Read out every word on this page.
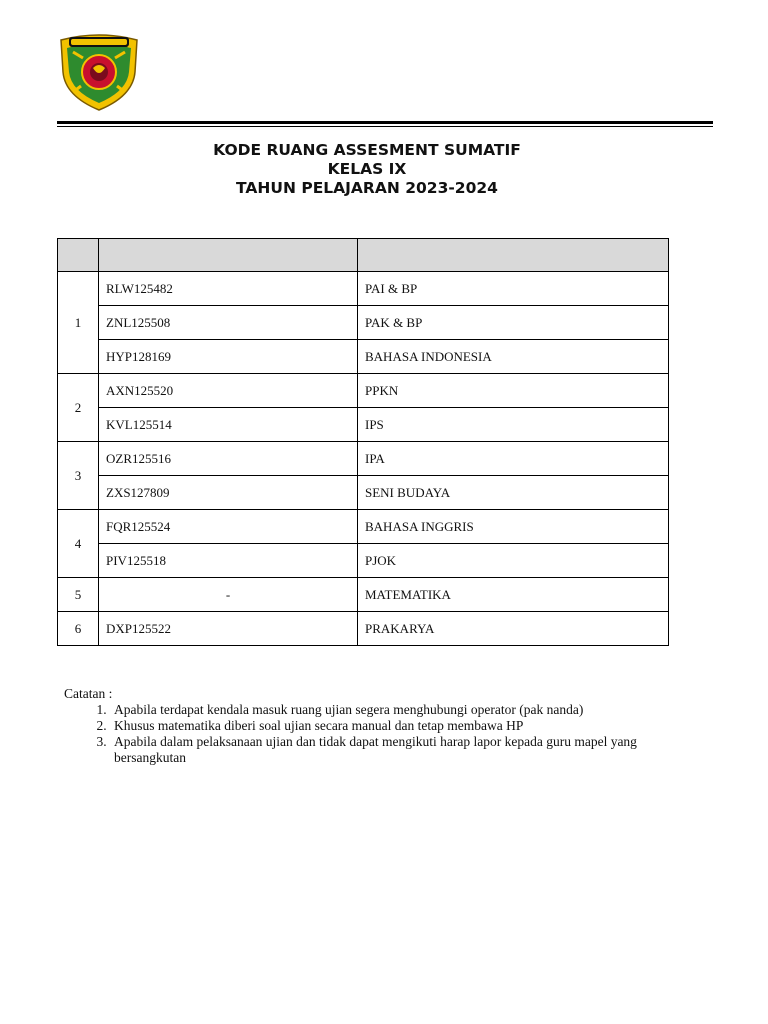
KODE RUANG ASSESMENT SUMATIF
KELAS IX
TAHUN PELAJARAN 2023-2024

1	RLW125482	PAI & BP
	ZNL125508	PAK & BP
	HYP128169	BAHASA INDONESIA
2	AXN125520	PPKN
	KVL125514	IPS
3	OZR125516	IPA
	ZXS127809	SENI BUDAYA
4	FQR125524	BAHASA INGGRIS
	PIV125518	PJOK
5	-	MATEMATIKA
6	DXP125522	PRAKARYA
Catatan :
1. Apabila terdapat kendala masuk ruang ujian segera menghubungi operator (pak nanda)
2. Khusus matematika diberi soal ujian secara manual dan tetap membawa HP
3. Apabila dalam pelaksanaan ujian dan tidak dapat mengikuti harap lapor kepada guru mapel yang bersangkutan
